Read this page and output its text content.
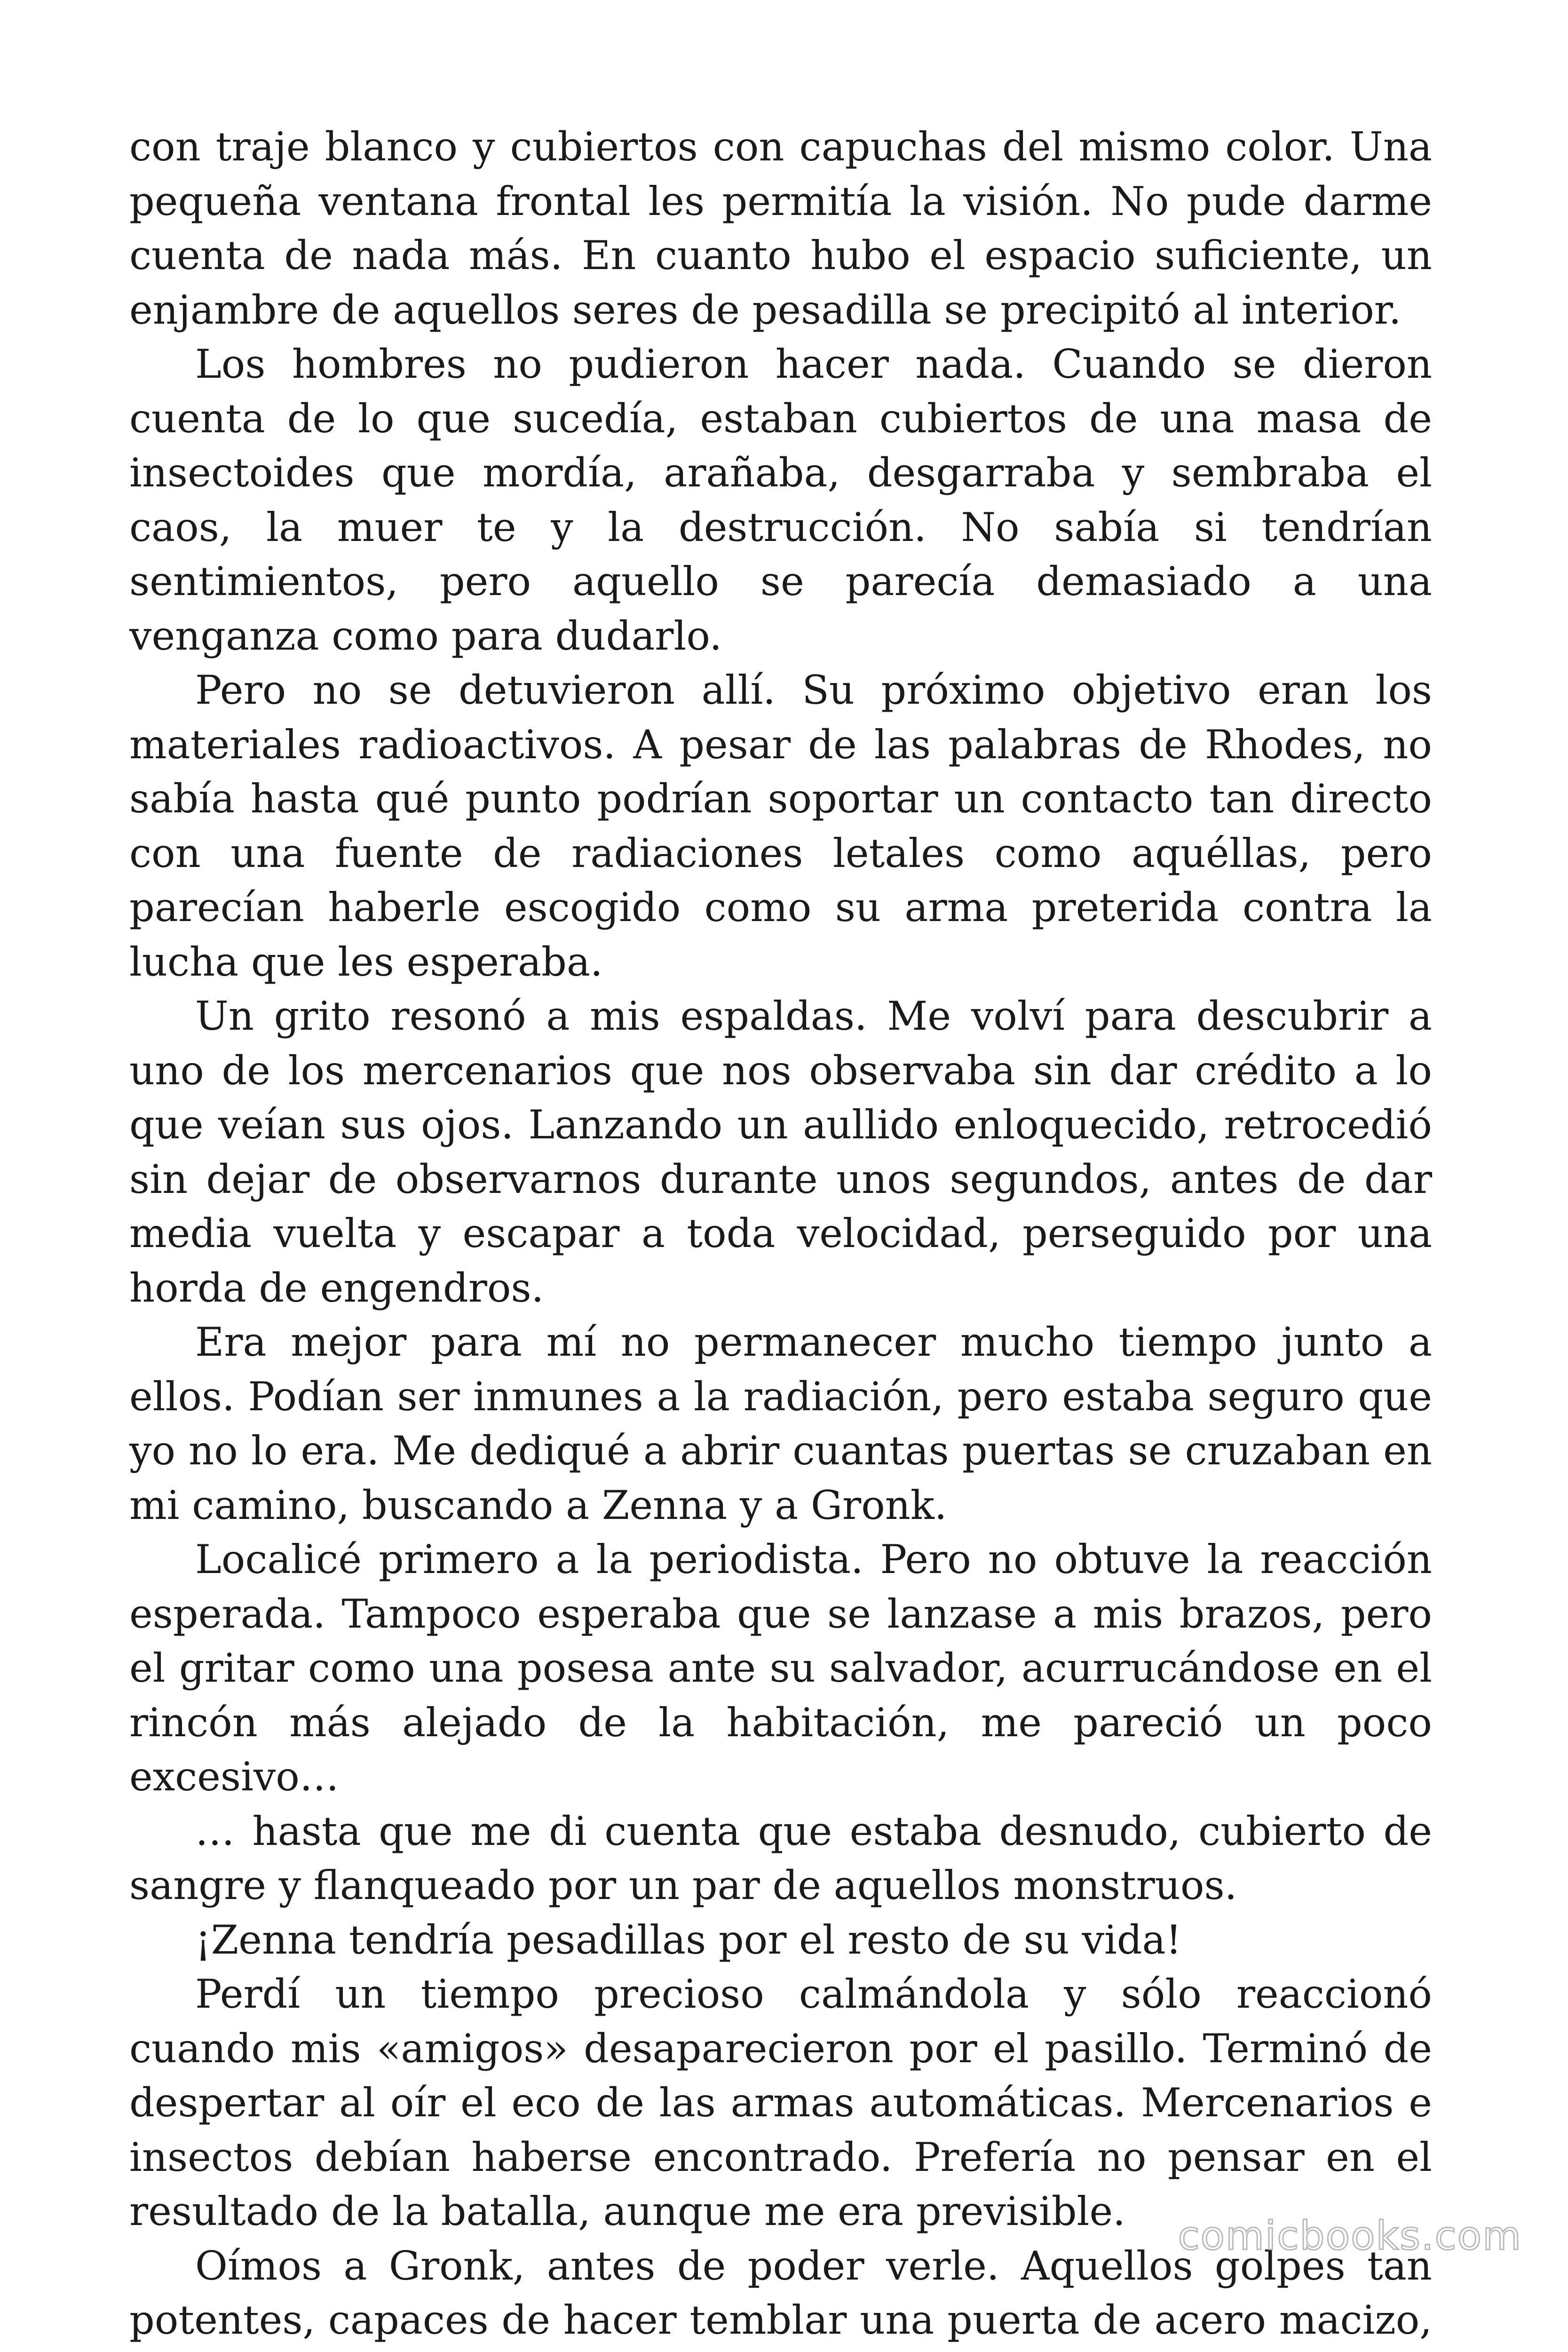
con traje blanco y cubiertos con capuchas del mismo color. Una pequeña ventana frontal les permitía la visión. No pude darme cuenta de nada más. En cuanto hubo el espacio suficiente, un enjambre de aquellos seres de pesadilla se precipitó al interior.

Los hombres no pudieron hacer nada. Cuando se dieron cuenta de lo que sucedía, estaban cubiertos de una masa de insectoides que mordía, arañaba, desgarraba y sembraba el caos, la muer te y la destrucción. No sabía si tendrían sentimientos, pero aquello se parecía demasiado a una venganza como para dudarlo.

Pero no se detuvieron allí. Su próximo objetivo eran los materiales radioactivos. A pesar de las palabras de Rhodes, no sabía hasta qué punto podrían soportar un contacto tan directo con una fuente de radiaciones letales como aquéllas, pero parecían haberle escogido como su arma preterida contra la lucha que les esperaba.

Un grito resonó a mis espaldas. Me volví para descubrir a uno de los mercenarios que nos observaba sin dar crédito a lo que veían sus ojos. Lanzando un aullido enloquecido, retrocedió sin dejar de observarnos durante unos segundos, antes de dar media vuelta y escapar a toda velocidad, perseguido por una horda de engendros.

Era mejor para mí no permanecer mucho tiempo junto a ellos. Podían ser inmunes a la radiación, pero estaba seguro que yo no lo era. Me dediqué a abrir cuantas puertas se cruzaban en mi camino, buscando a Zenna y a Gronk.

Localicé primero a la periodista. Pero no obtuve la reacción esperada. Tampoco esperaba que se lanzase a mis brazos, pero el gritar como una posesa ante su salvador, acurrucándose en el rincón más alejado de la habitación, me pareció un poco excesivo…

… hasta que me di cuenta que estaba desnudo, cubierto de sangre y flanqueado por un par de aquellos monstruos.

¡Zenna tendría pesadillas por el resto de su vida!

Perdí un tiempo precioso calmándola y sólo reaccionó cuando mis «amigos» desaparecieron por el pasillo. Terminó de despertar al oír el eco de las armas automáticas. Mercenarios e insectos debían haberse encontrado. Prefería no pensar en el resultado de la batalla, aunque me era previsible.

Oímos a Gronk, antes de poder verle. Aquellos golpes tan potentes, capaces de hacer temblar una puerta de acero macizo,

comicbooks.com
